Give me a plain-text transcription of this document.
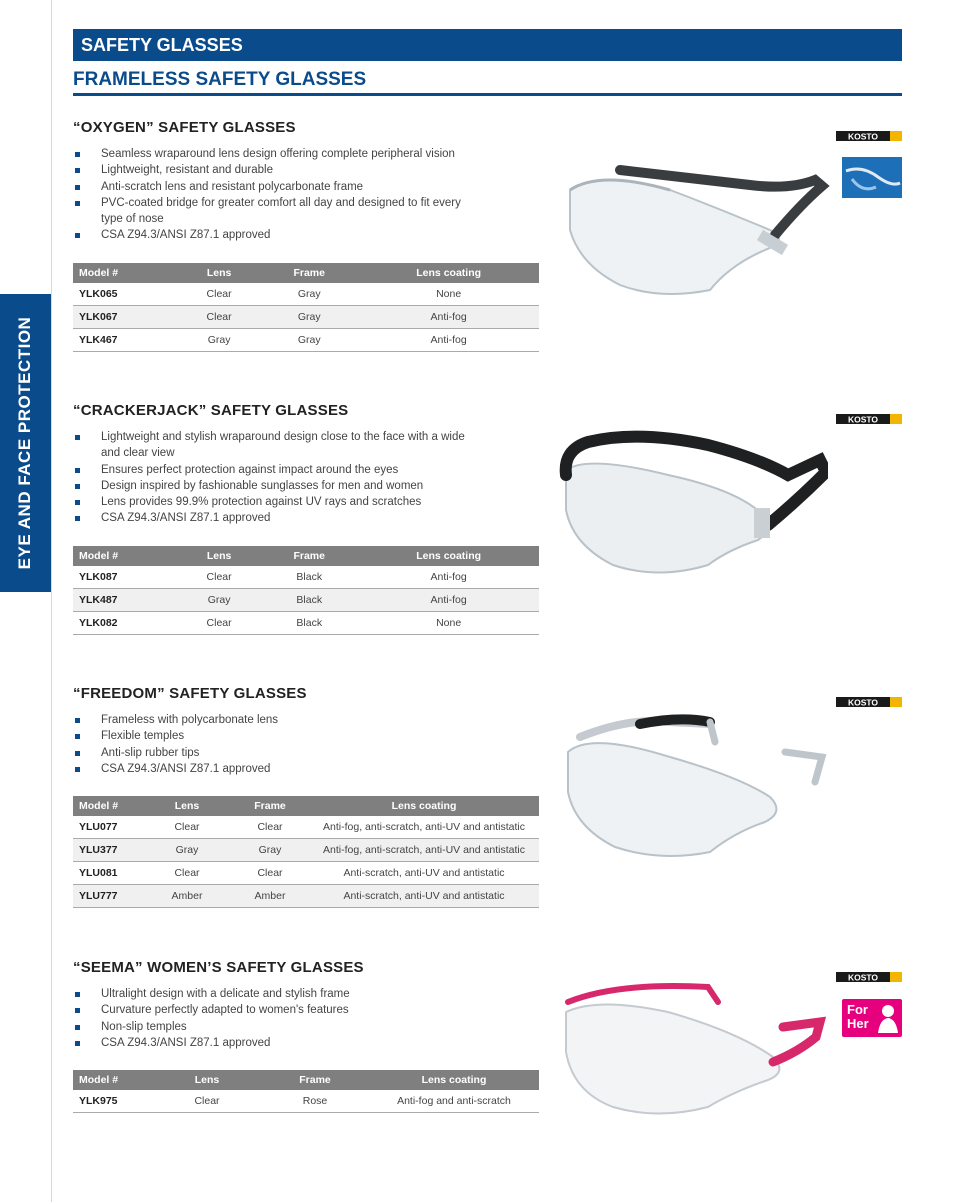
EYE AND FACE PROTECTION
SAFETY GLASSES
FRAMELESS SAFETY GLASSES
“OXYGEN” SAFETY GLASSES
Seamless wraparound lens design offering complete peripheral vision
Lightweight, resistant and durable
Anti-scratch lens and resistant polycarbonate frame
PVC-coated bridge for greater comfort all day and designed to fit every type of nose
CSA Z94.3/ANSI Z87.1 approved
Model #	Lens	Frame	Lens coating
YLK065	Clear	Gray	None
YLK067	Clear	Gray	Anti-fog
YLK467	Gray	Gray	Anti-fog
“CRACKERJACK” SAFETY GLASSES
Lightweight and stylish wraparound design close to the face with a wide and clear view
Ensures perfect protection against impact around the eyes
Design inspired by fashionable sunglasses for men and women
Lens provides 99.9% protection against UV rays and scratches
CSA Z94.3/ANSI Z87.1 approved
Model #	Lens	Frame	Lens coating
YLK087	Clear	Black	Anti-fog
YLK487	Gray	Black	Anti-fog
YLK082	Clear	Black	None
“FREEDOM” SAFETY GLASSES
Frameless with polycarbonate lens
Flexible temples
Anti-slip rubber tips
CSA Z94.3/ANSI Z87.1 approved
Model #	Lens	Frame	Lens coating
YLU077	Clear	Clear	Anti-fog, anti-scratch, anti-UV and antistatic
YLU377	Gray	Gray	Anti-fog, anti-scratch, anti-UV and antistatic
YLU081	Clear	Clear	Anti-scratch, anti-UV and antistatic
YLU777	Amber	Amber	Anti-scratch, anti-UV and antistatic
“SEEMA” WOMEN’S SAFETY GLASSES
Ultralight design with a delicate and stylish frame
Curvature perfectly adapted to women's features
Non-slip temples
CSA Z94.3/ANSI Z87.1 approved
Model #	Lens	Frame	Lens coating
YLK975	Clear	Rose	Anti-fog and anti-scratch
KOSTO
KOSTO
KOSTO
KOSTO
For Her
